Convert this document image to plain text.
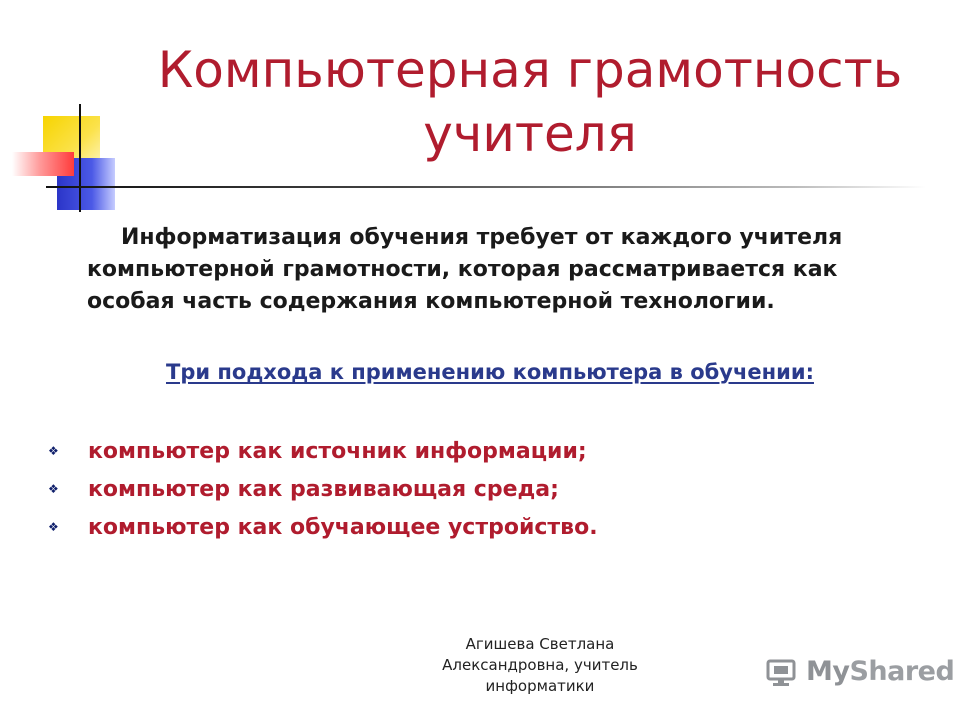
Компьютерная грамотность
учителя
Информатизация обучения требует от каждого учителя компьютерной грамотности, которая рассматривается как особая часть содержания компьютерной технологии.
Три подхода к применению компьютера в обучении:
❖	компьютер как источник информации;
❖	компьютер как развивающая среда;
❖	компьютер как обучающее устройство.
Агишева Светлана
Александровна, учитель
информатики	MyShared
